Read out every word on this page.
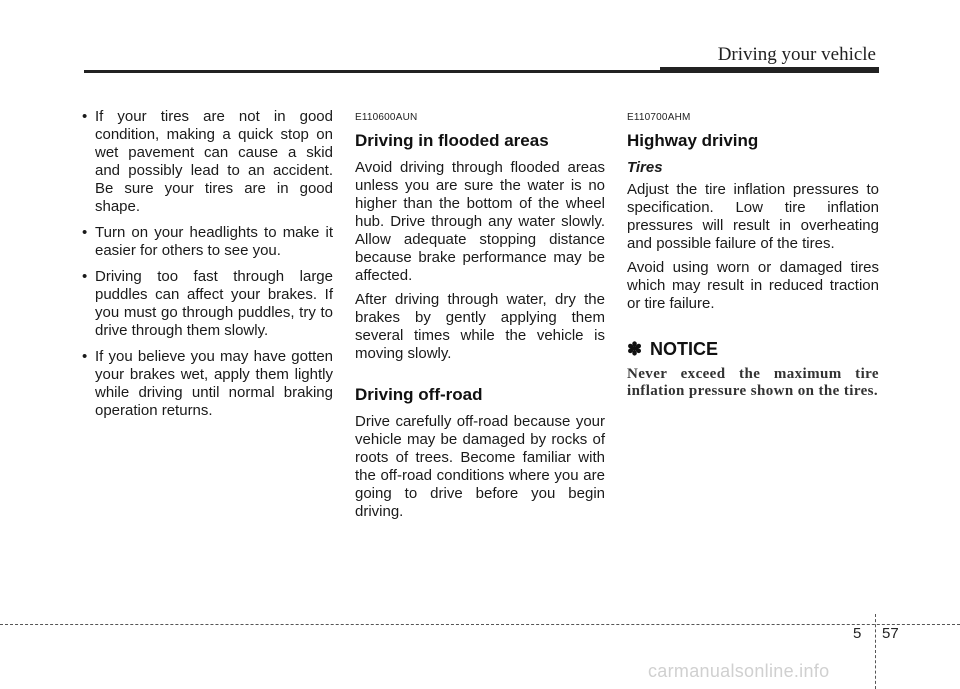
Driving your vehicle
• If your tires are not in good condition, making a quick stop on wet pavement can cause a skid and possibly lead to an accident. Be sure your tires are in good shape.
• Turn on your headlights to make it easier for others to see you.
• Driving too fast through large puddles can affect your brakes. If you must go through puddles, try to drive through them slowly.
• If you believe you may have gotten your brakes wet, apply them lightly while driving until normal braking operation returns.
E110600AUN
Driving in flooded areas

Avoid driving through flooded areas unless you are sure the water is no higher than the bottom of the wheel hub. Drive through any water slowly. Allow adequate stopping distance because brake performance may be affected.

After driving through water, dry the brakes by gently applying them several times while the vehicle is moving slowly.

Driving off-road

Drive carefully off-road because your vehicle may be damaged by rocks of roots of trees. Become familiar with the off-road conditions where you are going to drive before you begin driving.

E110700AHM
Highway driving
Tires

Adjust the tire inflation pressures to specification. Low tire inflation pressures will result in overheating and possible failure of the tires.

Avoid using worn or damaged tires which may result in reduced traction or tire failure.

✽ NOTICE
Never exceed the maximum tire inflation pressure shown on the tires.
5 57
carmanualsonline.info
